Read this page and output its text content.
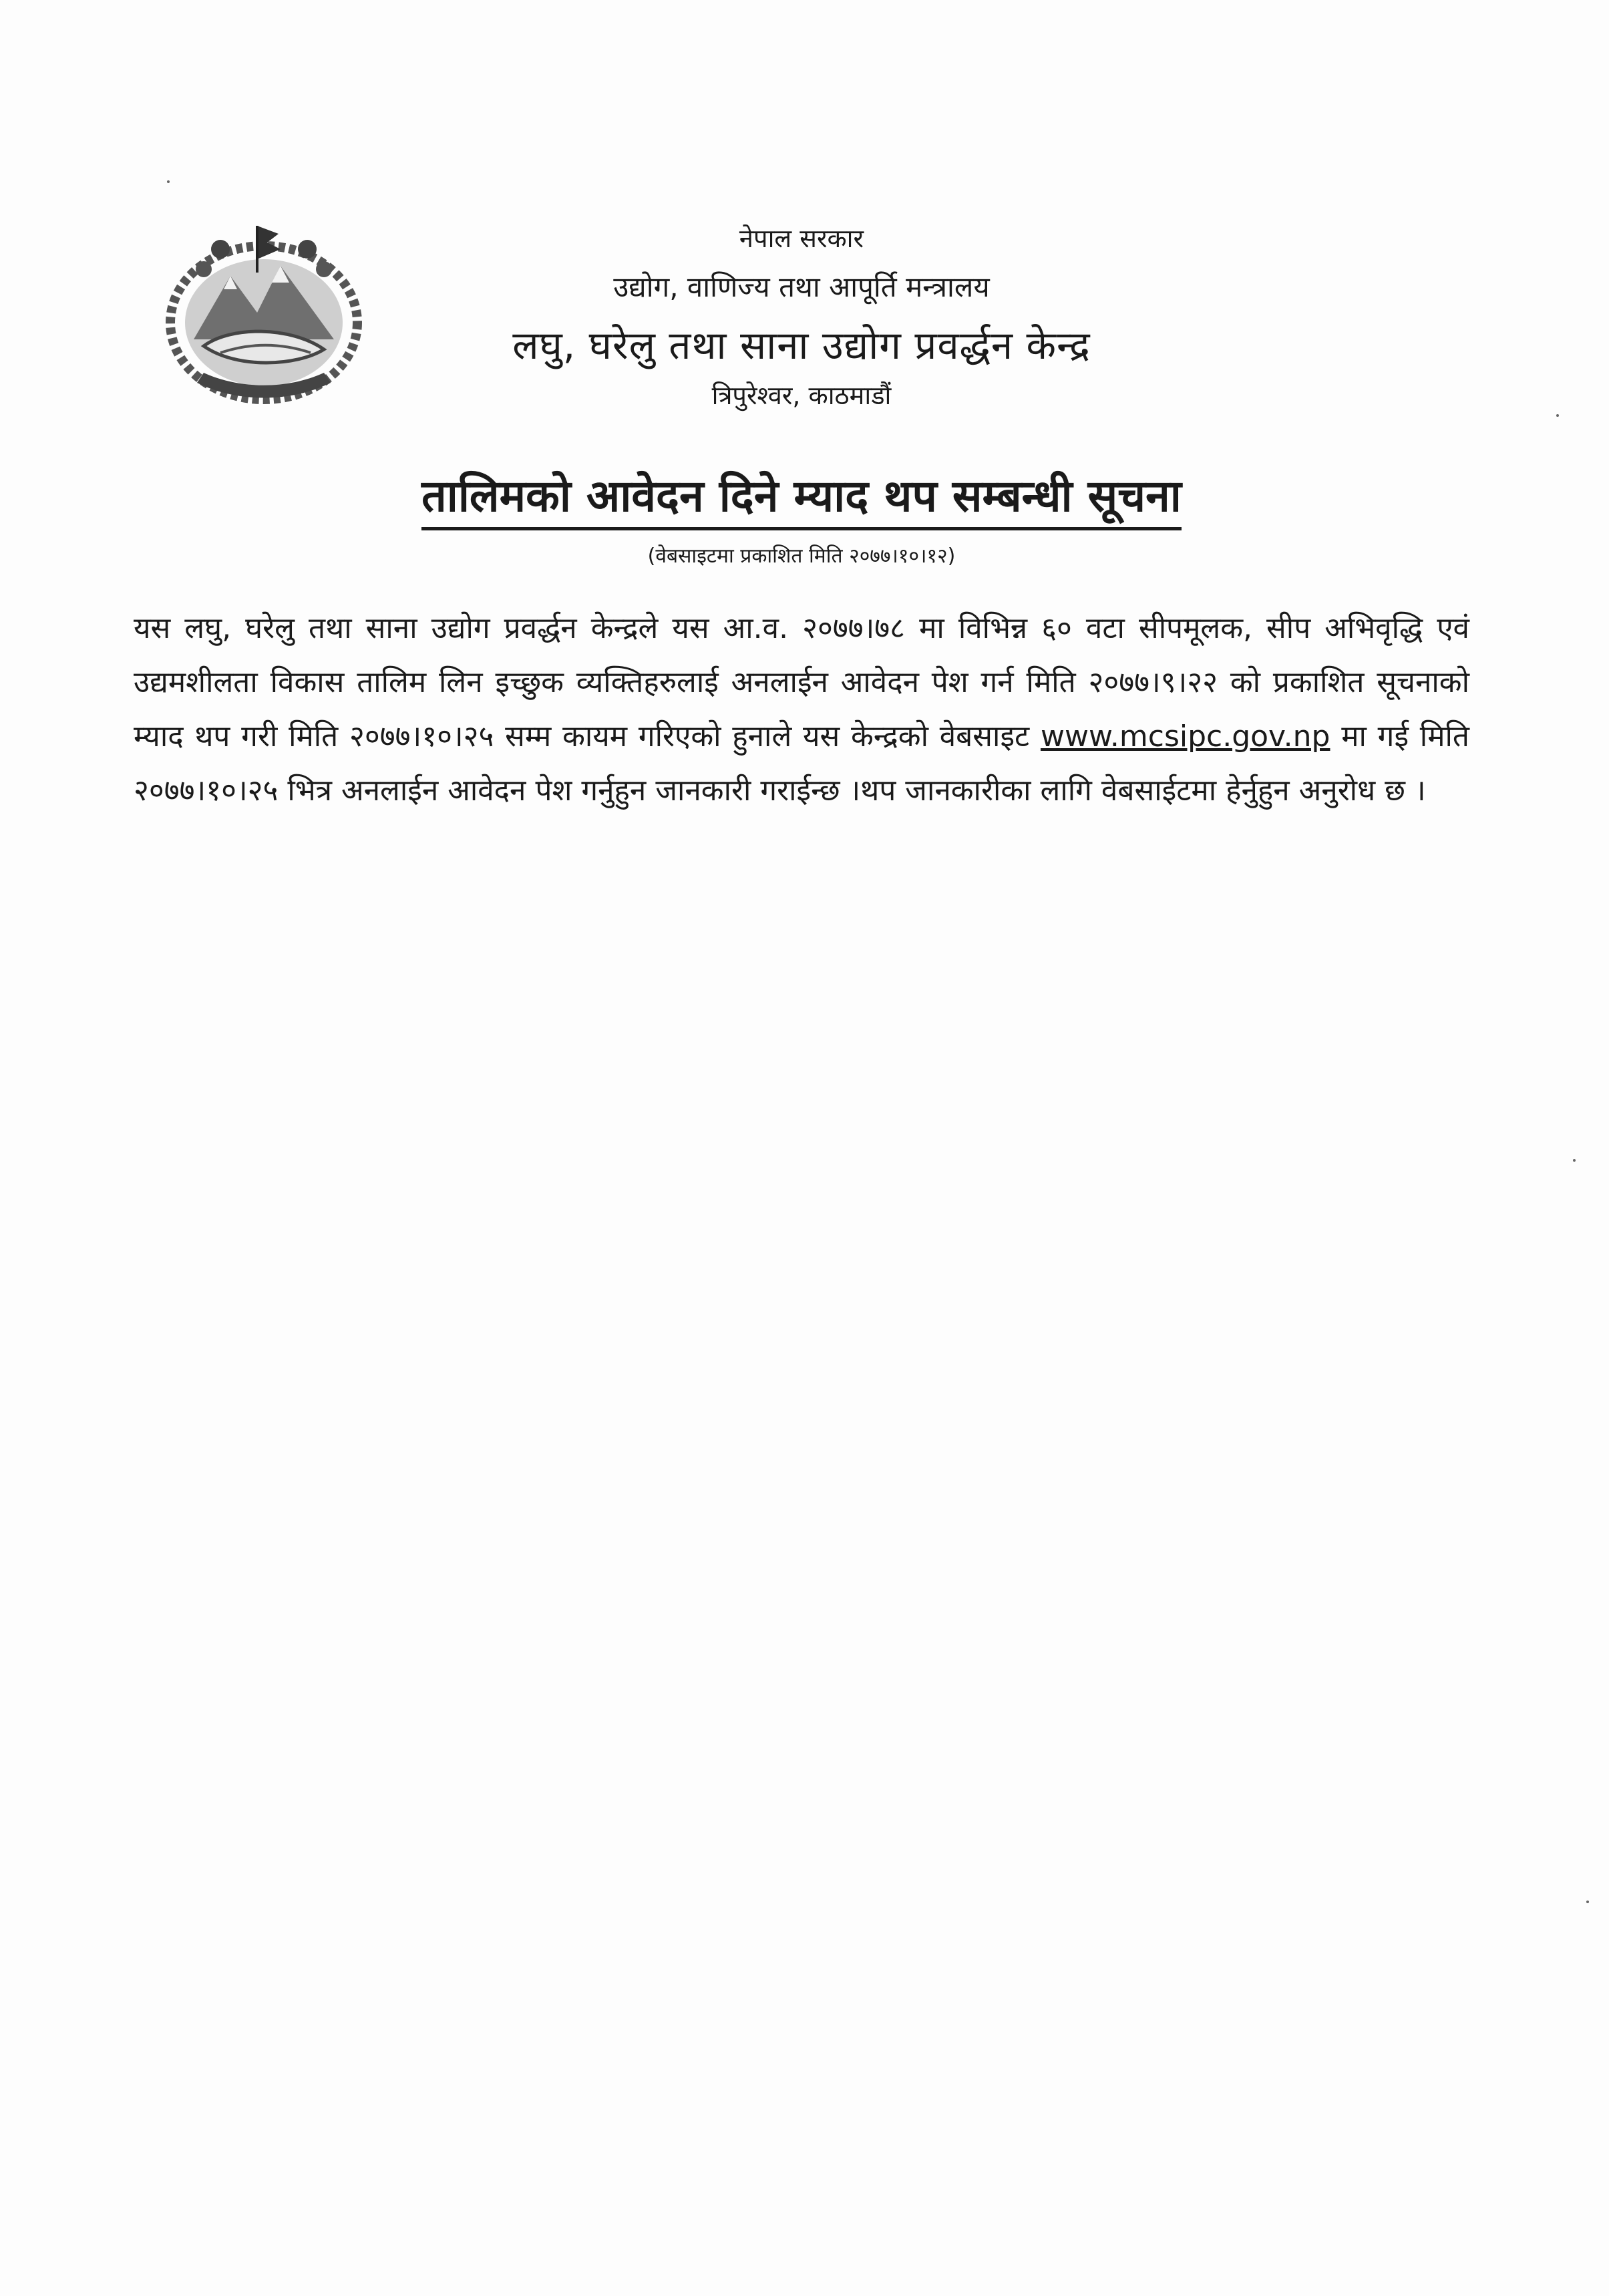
नेपाल सरकार
उद्योग, वाणिज्य तथा आपूर्ति मन्त्रालय
लघु, घरेलु तथा साना उद्योग प्रवर्द्धन केन्द्र
त्रिपुरेश्वर, काठमाडौं
तालिमको आवेदन दिने म्याद थप सम्बन्धी सूचना
(वेबसाइटमा प्रकाशित मिति २०७७।१०।१२)
यस लघु, घरेलु तथा साना उद्योग प्रवर्द्धन केन्द्रले यस आ.व. २०७७।७८ मा विभिन्न ६० वटा सीपमूलक, सीप अभिवृद्धि एवं उद्यमशीलता विकास तालिम लिन इच्छुक व्यक्तिहरुलाई अनलाईन आवेदन पेश गर्न मिति २०७७।९।२२ को प्रकाशित सूचनाको म्याद थप गरी मिति २०७७।१०।२५ सम्म कायम गरिएको हुनाले यस केन्द्रको वेबसाइट www.mcsipc.gov.np मा गई मिति २०७७।१०।२५ भित्र अनलाईन आवेदन पेश गर्नुहुन जानकारी गराईन्छ ।थप जानकारीका लागि वेबसाईटमा हेर्नुहुन अनुरोध छ ।
